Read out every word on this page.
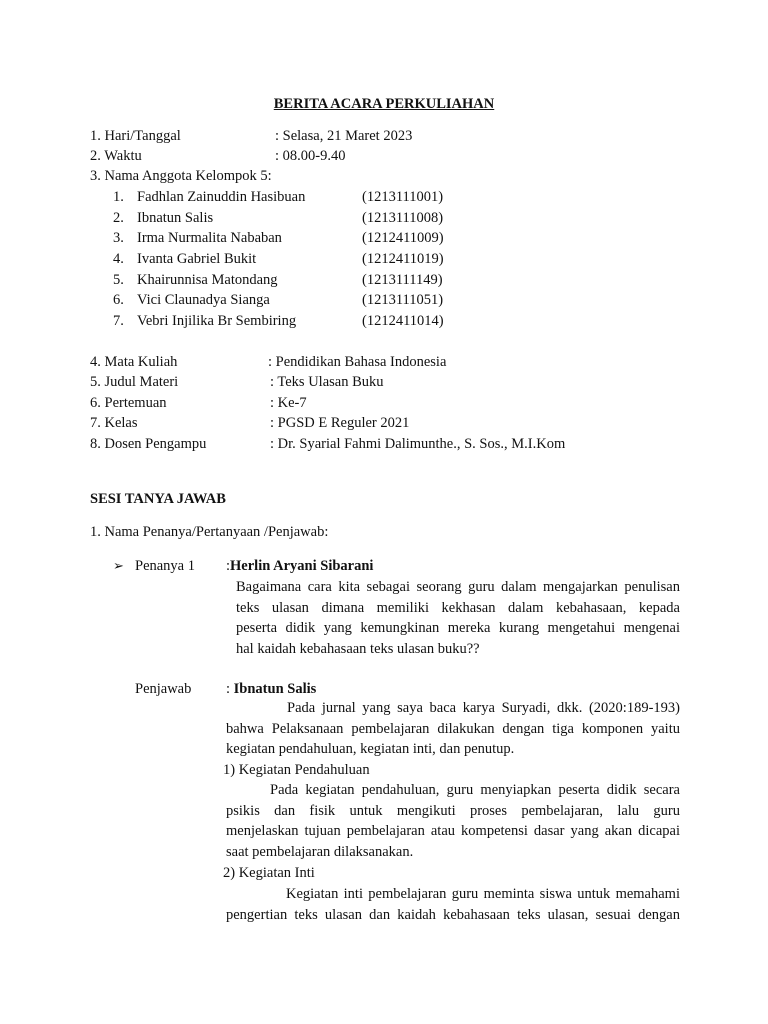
BERITA ACARA PERKULIAHAN
1. Hari/Tanggal	: Selasa, 21 Maret 2023
2. Waktu	: 08.00-9.40
3. Nama Anggota Kelompok 5:
1. Fadhlan Zainuddin Hasibuan	(1213111001)
2. Ibnatun Salis	(1213111008)
3. Irma Nurmalita Nababan	(1212411009)
4. Ivanta Gabriel Bukit	(1212411019)
5. Khairunnisa Matondang	(1213111149)
6. Vici Claunadya Sianga	(1213111051)
7. Vebri Injilika Br Sembiring	(1212411014)
4. Mata Kuliah	: Pendidikan Bahasa Indonesia
5. Judul Materi	: Teks Ulasan Buku
6. Pertemuan	: Ke-7
7. Kelas	: PGSD E Reguler 2021
8. Dosen Pengampu	: Dr. Syarial Fahmi Dalimunthe., S. Sos., M.I.Kom
SESI TANYA JAWAB
1. Nama Penanya/Pertanyaan /Penjawab:
➢ Penanya 1 :Herlin Aryani Sibarani
Bagaimana cara kita sebagai seorang guru dalam mengajarkan penulisan
teks ulasan dimana memiliki kekhasan dalam kebahasaan, kepada
peserta didik yang kemungkinan mereka kurang mengetahui mengenai
hal kaidah kebahasaan teks ulasan buku??
Penjawab : Ibnatun Salis
Pada jurnal yang saya baca karya Suryadi, dkk. (2020:189-193)
bahwa Pelaksanaan pembelajaran dilakukan dengan tiga komponen yaitu
kegiatan pendahuluan, kegiatan inti, dan penutup.
1) Kegiatan Pendahuluan
Pada kegiatan pendahuluan, guru menyiapkan peserta didik secara
psikis dan fisik untuk mengikuti proses pembelajaran, lalu guru
menjelaskan tujuan pembelajaran atau kompetensi dasar yang akan dicapai
saat pembelajaran dilaksanakan.
2) Kegiatan Inti
Kegiatan inti pembelajaran guru meminta siswa untuk memahami
pengertian teks ulasan dan kaidah kebahasaan teks ulasan, sesuai dengan
